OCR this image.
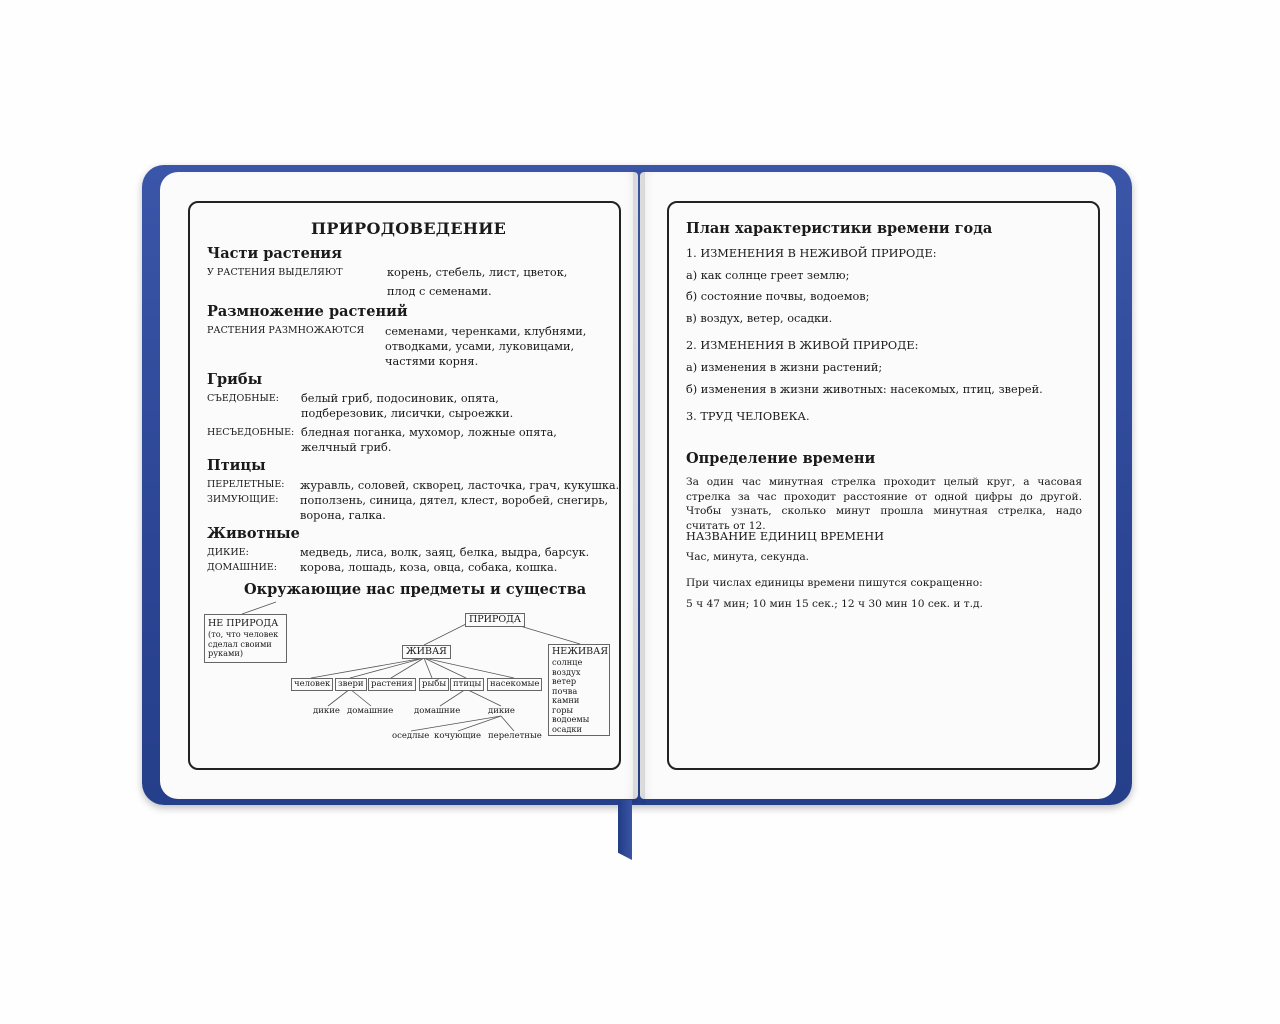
ПРИРОДОВЕДЕНИЕ
Части растения
У РАСТЕНИЯ ВЫДЕЛЯЮТ	корень, стебель, лист, цветок,
плод с семенами.
Размножение растений
РАСТЕНИЯ РАЗМНОЖАЮТСЯ семенами, черенками, клубнями,
отводками, усами, луковицами,
частями корня.
Грибы
СЪЕДОБНЫЕ: белый гриб, подосиновик, опята,
подберезовик, лисички, сыроежки.
НЕСЪЕДОБНЫЕ: бледная поганка, мухомор, ложные опята,
желчный гриб.
Птицы
ПЕРЕЛЕТНЫЕ: журавль, соловей, скворец, ласточка, грач, кукушка.
ЗИМУЮЩИЕ: поползень, синица, дятел, клест, воробей, снегирь,
ворона, галка.
Животные
ДИКИЕ:	медведь, лиса, волк, заяц, белка, выдра, барсук.
ДОМАШНИЕ: корова, лошадь, коза, овца, собака, кошка.
Окружающие нас предметы и существа
НЕ ПРИРОДА
(то, что человек
сделал своими
руками)
ПРИРОДА
ЖИВАЯ	НЕЖИВАЯ
солнце
воздух
ветер
почва
камни
горы
водоемы
осадки
человек звери растения	рыбы птицы	насекомые
дикие домашние домашние	дикие
оседлые кочующие перелетные
План характеристики времени года
1. ИЗМЕНЕНИЯ В НЕЖИВОЙ ПРИРОДЕ:
а) как солнце греет землю;
б) состояние почвы, водоемов;
в) воздух, ветер, осадки.
2. ИЗМЕНЕНИЯ В ЖИВОЙ ПРИРОДЕ:
а) изменения в жизни растений;
б) изменения в жизни животных: насекомых, птиц, зверей.
3. ТРУД ЧЕЛОВЕКА.
Определение времени
За один час минутная стрелка проходит целый круг, а часовая стрелка за час проходит расстояние от одной цифры до другой. Чтобы узнать, сколько минут прошла минутная стрелка, надо считать от 12.
НАЗВАНИЕ ЕДИНИЦ ВРЕМЕНИ
Час, минута, секунда.
При числах единицы времени пишутся сокращенно:
5 ч 47 мин; 10 мин 15 сек.; 12 ч 30 мин 10 сек. и т.д.
